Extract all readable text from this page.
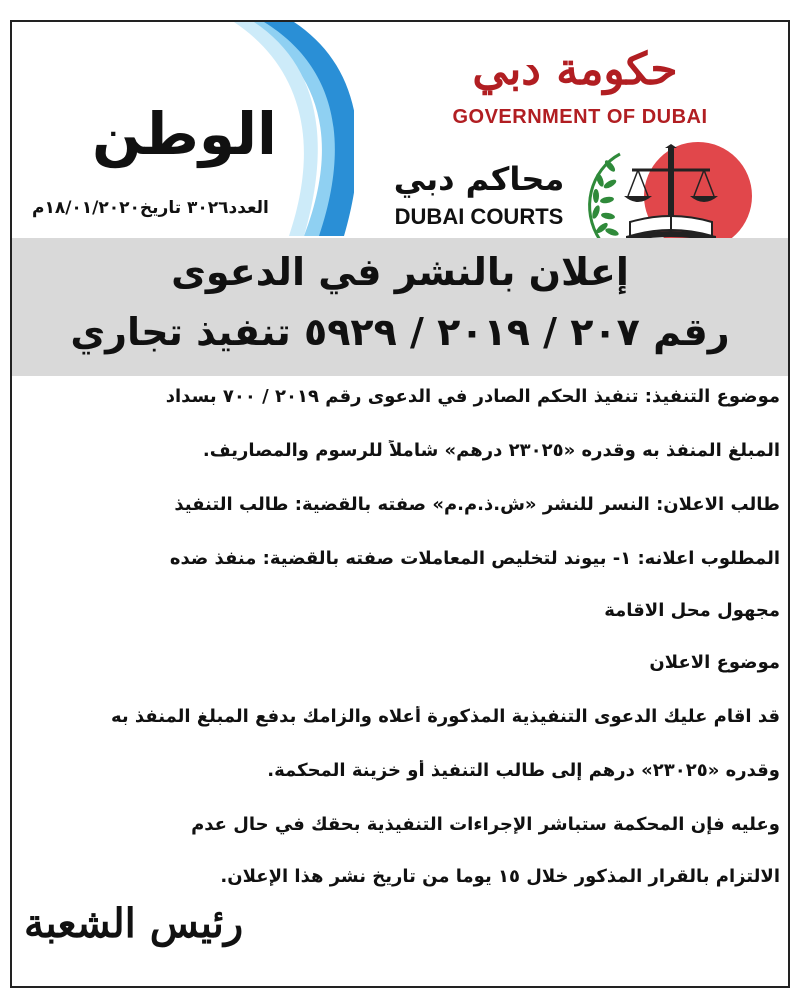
الوطن
العدد٣٠٢٦ تاريخ١٨/٠١/٢٠٢٠م
حكومة دبي
GOVERNMENT OF DUBAI
محاكم دبي
DUBAI COURTS
إعلان بالنشر في الدعوى
رقم ٢٠٧ / ٢٠١٩ / ٥٩٢٩ تنفيذ تجاري
موضوع التنفيذ: تنفيذ الحكم الصادر في الدعوى رقم ٢٠١٩ / ٧٠٠ بسداد
المبلغ المنفذ به وقدره «٢٣٠٢٥ درهم» شاملاً للرسوم والمصاريف.
طالب الاعلان: النسر للنشر «ش.ذ.م.م» صفته بالقضية: طالب التنفيذ
المطلوب اعلانه: ١- بيوند لتخليص المعاملات صفته بالقضية: منفذ ضده
مجهول محل الاقامة
موضوع الاعلان
قد اقام عليك الدعوى التنفيذية المذكورة أعلاه والزامك بدفع المبلغ المنفذ به
وقدره «٢٣٠٢٥» درهم إلى طالب التنفيذ أو خزينة المحكمة.
وعليه فإن المحكمة ستباشر الإجراءات التنفيذية بحقك في حال عدم
الالتزام بالقرار المذكور خلال ١٥ يوما من تاريخ نشر هذا الإعلان.
رئيس الشعبة
